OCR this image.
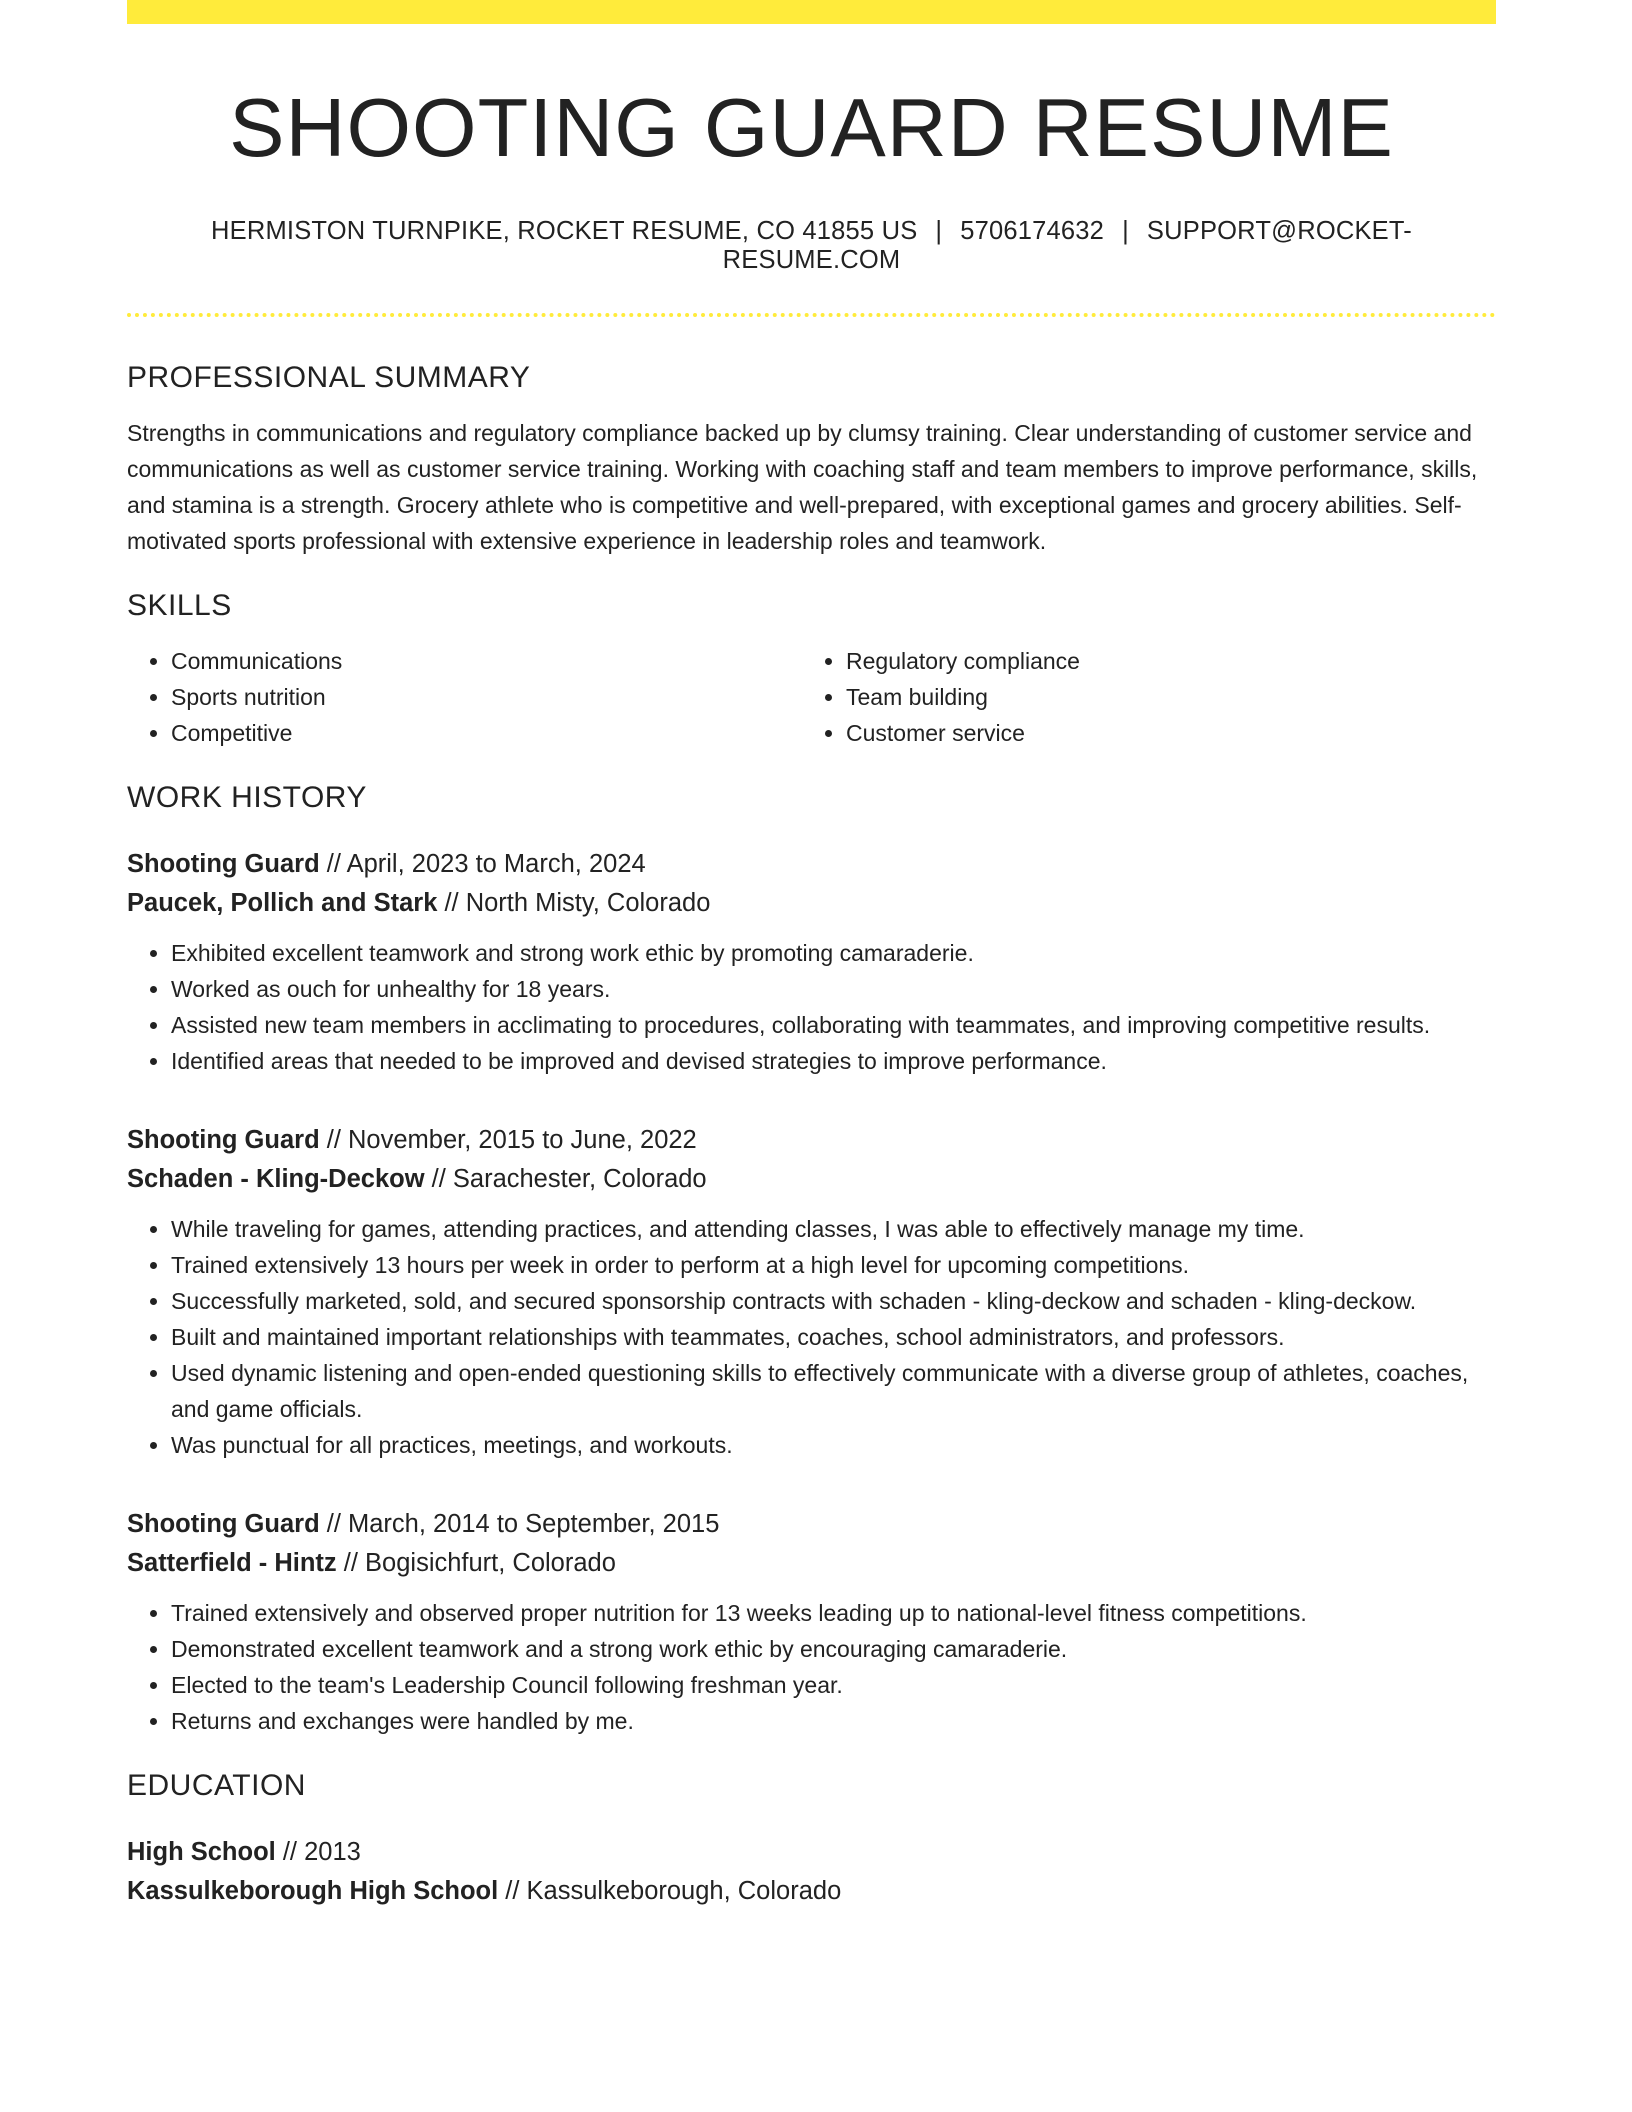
SHOOTING GUARD RESUME
HERMISTON TURNPIKE, ROCKET RESUME, CO 41855 US | 5706174632 | SUPPORT@ROCKET-RESUME.COM
PROFESSIONAL SUMMARY

Strengths in communications and regulatory compliance backed up by clumsy training. Clear understanding of customer service and communications as well as customer service training. Working with coaching staff and team members to improve performance, skills, and stamina is a strength. Grocery athlete who is competitive and well-prepared, with exceptional games and grocery abilities. Self-motivated sports professional with extensive experience in leadership roles and teamwork.

SKILLS
• Communications
• Sports nutrition
• Competitive
• Regulatory compliance
• Team building
• Customer service
WORK HISTORY
Shooting Guard // April, 2023 to March, 2024
Paucek, Pollich and Stark // North Misty, Colorado
• Exhibited excellent teamwork and strong work ethic by promoting camaraderie.
• Worked as ouch for unhealthy for 18 years.
• Assisted new team members in acclimating to procedures, collaborating with teammates, and improving competitive results.
• Identified areas that needed to be improved and devised strategies to improve performance.
Shooting Guard // November, 2015 to June, 2022
Schaden - Kling-Deckow // Sarachester, Colorado
• While traveling for games, attending practices, and attending classes, I was able to effectively manage my time.
• Trained extensively 13 hours per week in order to perform at a high level for upcoming competitions.
• Successfully marketed, sold, and secured sponsorship contracts with schaden - kling-deckow and schaden - kling-deckow.
• Built and maintained important relationships with teammates, coaches, school administrators, and professors.
• Used dynamic listening and open-ended questioning skills to effectively communicate with a diverse group of athletes, coaches, and game officials.
• Was punctual for all practices, meetings, and workouts.
Shooting Guard // March, 2014 to September, 2015
Satterfield - Hintz // Bogisichfurt, Colorado
• Trained extensively and observed proper nutrition for 13 weeks leading up to national-level fitness competitions.
• Demonstrated excellent teamwork and a strong work ethic by encouraging camaraderie.
• Elected to the team's Leadership Council following freshman year.
• Returns and exchanges were handled by me.
EDUCATION
High School // 2013
Kassulkeborough High School // Kassulkeborough, Colorado
